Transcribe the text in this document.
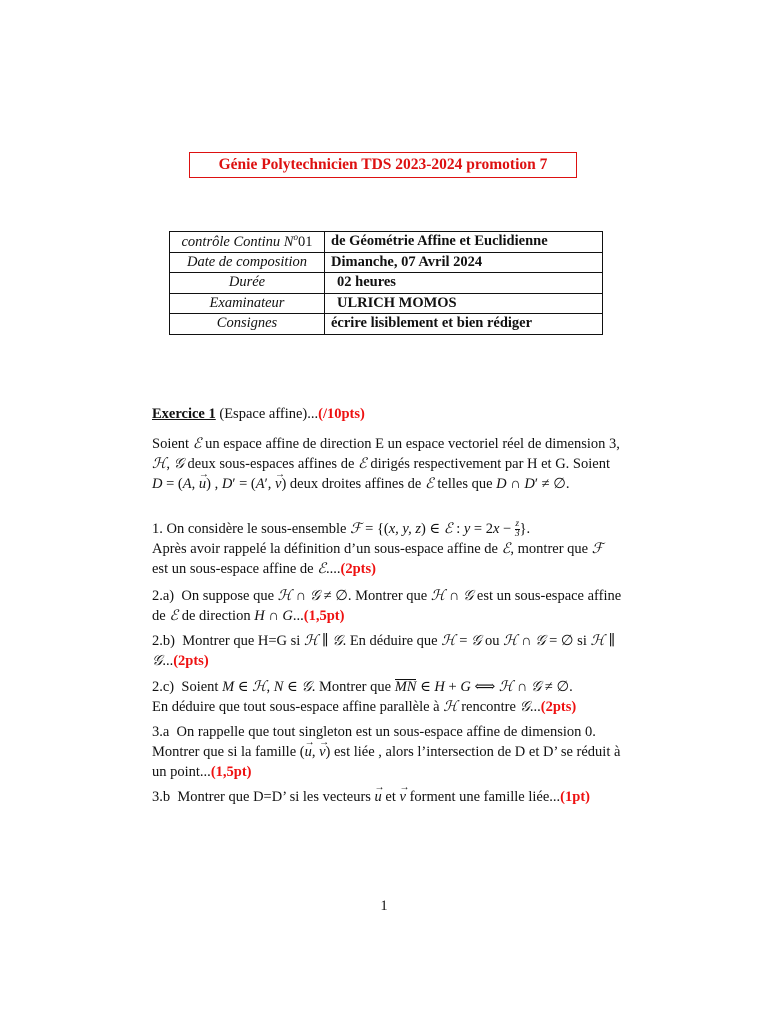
Génie Polytechnicien TDS 2023-2024 promotion 7
contrôle Continu $N^o01$	de Géométrie Affine et Euclidienne
Date de composition	Dimanche, 07 Avril 2024
Durée	02 heures
Examinateur	ULRICH MOMOS
Consignes	écrire lisiblement et bien rédiger

Exercice 1 (Espace affine)...(/10pts)

Soient ℰ un espace affine de direction E un espace vectoriel réel de dimension 3, ℋ, 𝒢 deux sous-espaces affines de ℰ dirigés respectivement par H et G. Soient D = (A, → u) , D′ = (A′, → v) deux droites affines de ℰ telles que D ∩ D′ ≠ ∅.

1. On considère le sous-ensemble ℱ = {(x, y, z) ∈ ℰ : $y = 2x - \frac{z}{3}$ }.
Après avoir rappelé la définition d’un sous-espace affine de ℰ, montrer que ℱ est un sous-espace affine de ℰ....(2pts)

2.a)  On suppose que ℋ ∩ 𝒢 ≠ ∅. Montrer que ℋ ∩ 𝒢 est un sous-espace affine de ℰ de direction H ∩ G...(1,5pt)

2.b)  Montrer que H=G si ℋ ∥ 𝒢. En déduire que ℋ = 𝒢 ou ℋ ∩ 𝒢 = ∅ si ℋ ∥ 𝒢...(2pts)

2.c)  Soient M ∈ ℋ, N ∈ 𝒢. Montrer que MN ∈ H + G ⟺ ℋ ∩ 𝒢 ≠ ∅.
En déduire que tout sous-espace affine parallèle à ℋ rencontre 𝒢...(2pts)

3.a  On rappelle que tout singleton est un sous-espace affine de dimension 0. Montrer que si la famille (→ u, → v) est liée , alors l’intersection de D et D’ se réduit à un point...(1,5pt)

3.b  Montrer que D=D’ si les vecteurs → u et → v forment une famille liée...(1pt)

1
